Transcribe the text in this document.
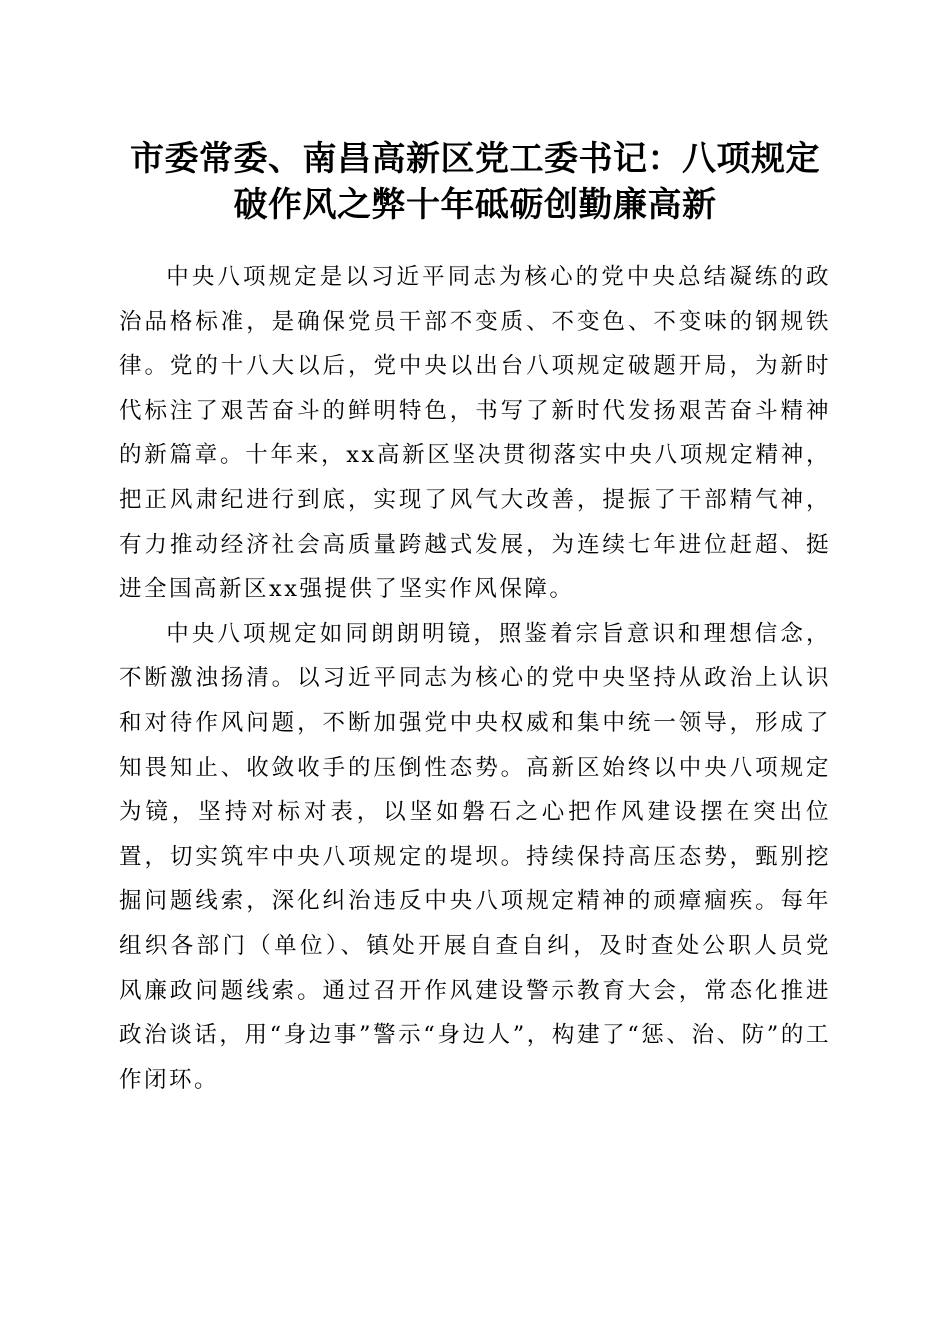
市委常委、南昌高新区党工委书记：八项规定
破作风之弊十年砥砺创勤廉高新

中央八项规定是以习近平同志为核心的党中央总结凝练的政治品格标准，是确保党员干部不变质、不变色、不变味的钢规铁律。党的十八大以后，党中央以出台八项规定破题开局，为新时代标注了艰苦奋斗的鲜明特色，书写了新时代发扬艰苦奋斗精神的新篇章。十年来，xx高新区坚决贯彻落实中央八项规定精神，把正风肃纪进行到底，实现了风气大改善，提振了干部精气神，有力推动经济社会高质量跨越式发展，为连续七年进位赶超、挺进全国高新区xx强提供了坚实作风保障。

中央八项规定如同朗朗明镜，照鉴着宗旨意识和理想信念，不断激浊扬清。以习近平同志为核心的党中央坚持从政治上认识和对待作风问题，不断加强党中央权威和集中统一领导，形成了知畏知止、收敛收手的压倒性态势。高新区始终以中央八项规定为镜，坚持对标对表，以坚如磐石之心把作风建设摆在突出位置，切实筑牢中央八项规定的堤坝。持续保持高压态势，甄别挖掘问题线索，深化纠治违反中央八项规定精神的顽瘴痼疾。每年组织各部门（单位）、镇处开展自查自纠，及时查处公职人员党风廉政问题线索。通过召开作风建设警示教育大会，常态化推进政治谈话，用“身边事”警示“身边人”，构建了“惩、治、防”的工作闭环。
